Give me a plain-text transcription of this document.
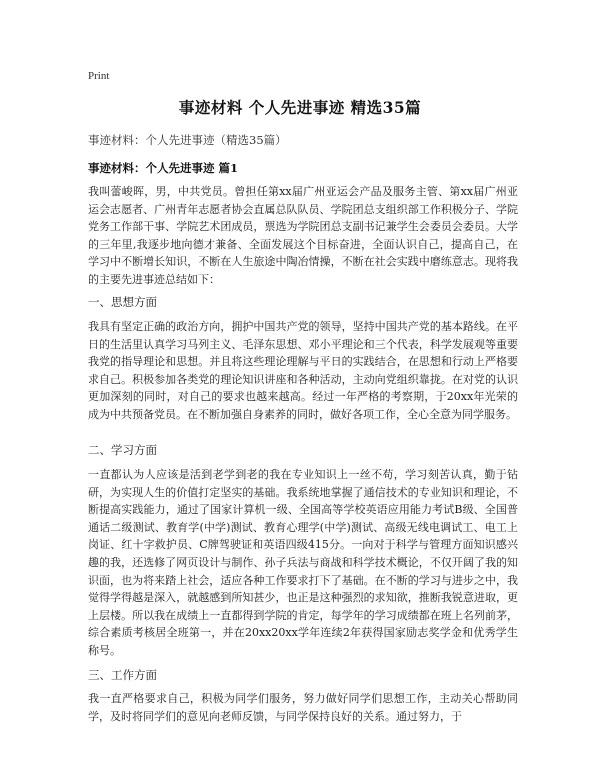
Print
事迹材料 个人先进事迹 精选35篇
事迹材料：个人先进事迹（精选35篇）
事迹材料：个人先进事迹 篇1

我叫蕾峻晖，男，中共党员。曾担任第xx届广州亚运会产品及服务主管、第xx届广州亚运会志愿者、广州青年志愿者协会直属总队队员、学院团总支组织部工作积极分子、学院党务工作部干事、学院艺术团成员，票选为学院团总支副书记兼学生会委员会委员。大学的三年里,我逐步地向德才兼备、全面发展这个目标奋进，全面认识自己，提高自己，在学习中不断增长知识，不断在人生旅途中陶冶情操，不断在社会实践中磨练意志。现将我的主要先进事迹总结如下：

一、思想方面

我具有坚定正确的政治方向，拥护中国共产党的领导，坚持中国共产党的基本路线。在平日的生活里认真学习马列主义、毛泽东思想、邓小平理论和三个代表，科学发展观等重要我党的指导理论和思想。并且将这些理论理解与平日的实践结合，在思想和行动上严格要求自己。积极参加各类党的理论知识讲座和各种活动，主动向党组织靠拢。在对党的认识更加深刻的同时，对自己的要求也越来越高。经过一年严格的考察期，于20xx年光荣的成为中共预备党员。在不断加强自身素养的同时，做好各项工作，全心全意为同学服务。

二、学习方面

一直都认为人应该是活到老学到老的我在专业知识上一丝不苟，学习刻苦认真，勤于钻研，为实现人生的价值打定坚实的基础。我系统地掌握了通信技术的专业知识和理论，不断提高实践能力，通过了国家计算机一级、全国高等学校英语应用能力考试B级、全国普通话二级测试、教育学(中学)测试、教育心理学(中学)测试、高级无线电调试工、电工上岗证、红十字救护员、C牌驾驶证和英语四级415分。一向对于科学与管理方面知识感兴趣的我，还选修了网页设计与制作、孙子兵法与商战和科学技术概论，不仅开阔了我的知识面，也为将来踏上社会，适应各种工作要求打下了基础。在不断的学习与进步之中，我觉得学得越是深入，就越感到所知甚少，也正是这种强烈的求知欲，推断我锐意进取，更上层楼。所以我在成绩上一直都得到学院的肯定，每学年的学习成绩都在班上名列前茅，综合素质考核居全班第一，并在20xx20xx学年连续2年获得国家励志奖学金和优秀学生称号。

三、工作方面

我一直严格要求自己，积极为同学们服务，努力做好同学们思想工作，主动关心帮助同学，及时将同学们的意见向老师反馈，与同学保持良好的关系。通过努力，于
